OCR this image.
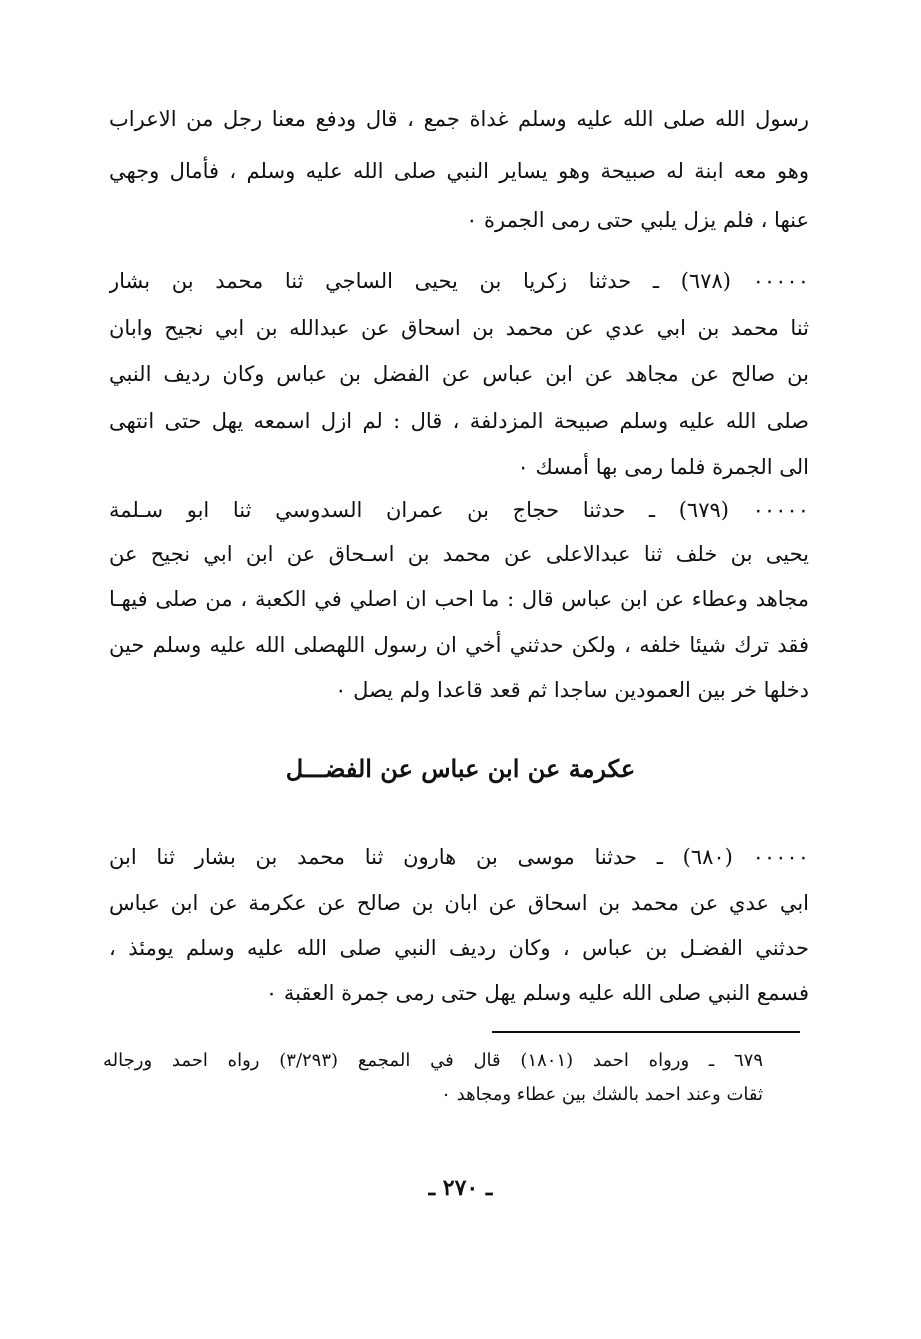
رسول الله صلى الله عليه وسلم غداة جمع ، قال ودفع معنا رجل من الاعراب
وهو معه ابنة له صبيحة وهو يساير النبي صلى الله عليه وسلم ، فأمال وجهي
عنها ، فلم يزل يلبي حتى رمى الجمرة ٠
٠٠٠٠٠ (٦٧٨) ـ حدثنا زكريا بن يحيى الساجي ثنا محمد بن بشار
ثنا محمد بن ابي عدي عن محمد بن اسحاق عن عبدالله بن ابي نجيح وابان
بن صالح عن مجاهد عن ابن عباس عن الفضل بن عباس وكان رديف النبي
صلى الله عليه وسلم صبيحة المزدلفة ، قال : لم ازل اسمعه يهل حتى انتهى
الى الجمرة فلما رمى بها أمسك ٠
٠٠٠٠٠ (٦٧٩) ـ حدثنا حجاج بن عمران السدوسي ثنا ابو سـلمة
يحيى بن خلف ثنا عبدالاعلى عن محمد بن اسـحاق عن ابن ابي نجيح عن
مجاهد وعطاء عن ابن عباس قال : ما احب ان اصلي في الكعبة ، من صلى فيهـا
فقد ترك شيئا خلفه ، ولكن حدثني أخي ان رسول اللهصلى الله عليه وسلم حين
دخلها خر بين العمودين ساجدا ثم قعد قاعدا ولم يصل ٠
عكرمة عن ابن عباس عن الفضـــل
٠٠٠٠٠ (٦٨٠) ـ حدثنا موسى بن هارون ثنا محمد بن بشار ثنا ابن
ابي عدي عن محمد بن اسحاق عن ابان بن صالح عن عكرمة عن ابن عباس
حدثني الفضـل بن عباس ، وكان رديف النبي صلى الله عليه وسلم يومئذ ،
فسمع النبي صلى الله عليه وسلم يهل حتى رمى جمرة العقبة ٠
٦٧٩ ـ ورواه احمد (١٨٠١) قال في المجمع (٣/٢٩٣) رواه احمد ورجاله
ثقات وعند احمد بالشك بين عطاء ومجاهد ٠
ـ ٢٧٠ ـ
